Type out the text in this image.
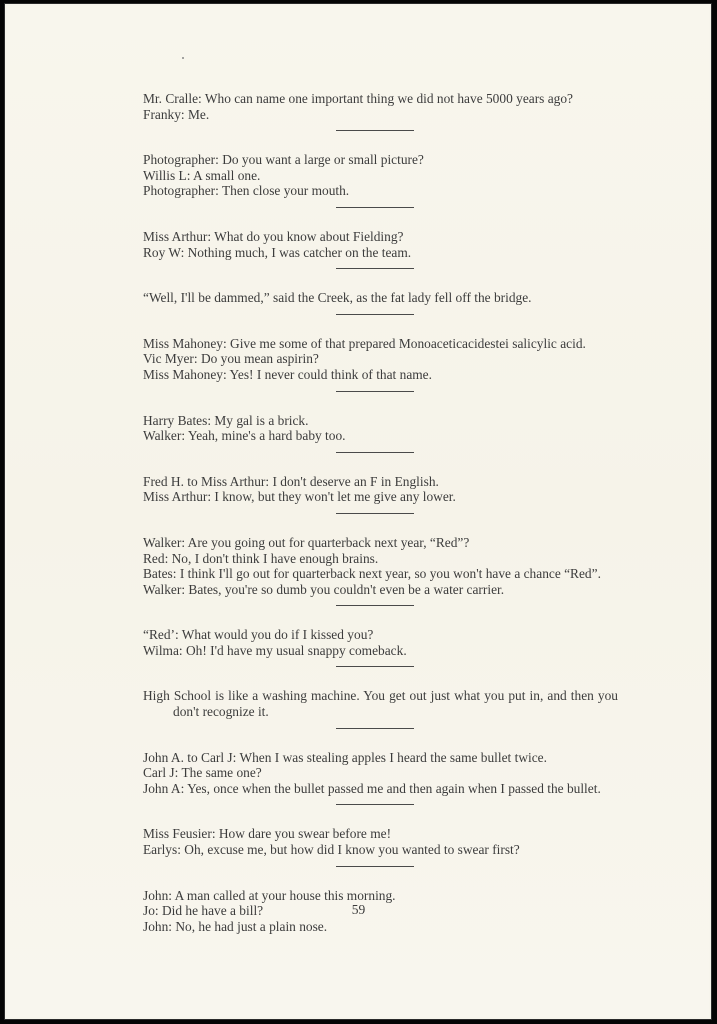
Mr. Cralle: Who can name one important thing we did not have 5000 years ago?
Franky: Me.
Photographer: Do you want a large or small picture?
Willis L: A small one.
Photographer: Then close your mouth.
Miss Arthur: What do you know about Fielding?
Roy W: Nothing much, I was catcher on the team.
“Well, I'll be dammed,” said the Creek, as the fat lady fell off the bridge.
Miss Mahoney: Give me some of that prepared Monoaceticacidestei salicylic acid.
Vic Myer: Do you mean aspirin?
Miss Mahoney: Yes! I never could think of that name.
Harry Bates: My gal is a brick.
Walker: Yeah, mine's a hard baby too.
Fred H. to Miss Arthur: I don't deserve an F in English.
Miss Arthur: I know, but they won't let me give any lower.
Walker: Are you going out for quarterback next year, “Red”?
Red: No, I don't think I have enough brains.
Bates: I think I'll go out for quarterback next year, so you won't have a chance “Red”.
Walker: Bates, you're so dumb you couldn't even be a water carrier.
“Red’: What would you do if I kissed you?
Wilma: Oh! I'd have my usual snappy comeback.
High School is like a washing machine. You get out just what you put in, and then you don't recognize it.
John A. to Carl J: When I was stealing apples I heard the same bullet twice.
Carl J: The same one?
John A: Yes, once when the bullet passed me and then again when I passed the bullet.
Miss Feusier: How dare you swear before me!
Earlys: Oh, excuse me, but how did I know you wanted to swear first?
John: A man called at your house this morning.
Jo: Did he have a bill?
John: No, he had just a plain nose.
59
